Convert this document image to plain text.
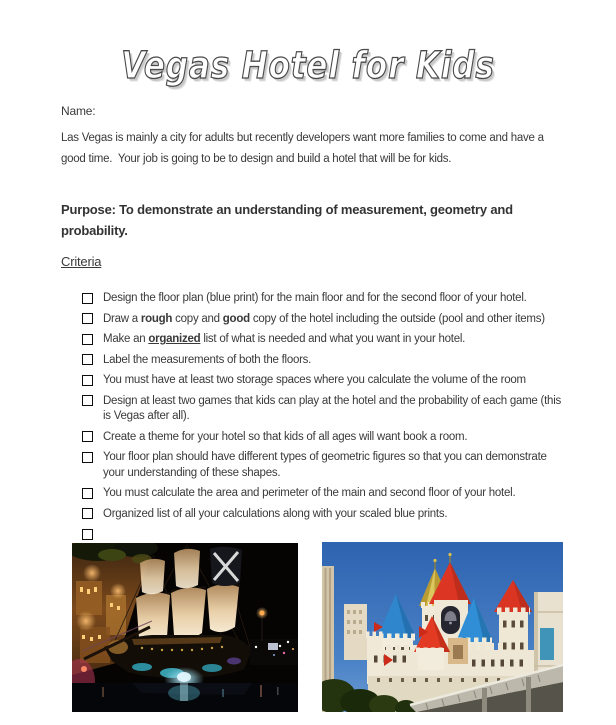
Vegas Hotel for Kids
Name:
Las Vegas is mainly a city for adults but recently developers want more families to come and have a
good time.  Your job is going to be to design and build a hotel that will be for kids.
Purpose: To demonstrate an understanding of measurement, geometry and
probability.
Criteria
Design the floor plan (blue print) for the main floor and for the second floor of your hotel.
Draw a rough copy and good copy of the hotel including the outside (pool and other items)
Make an organized list of what is needed and what you want in your hotel.
Label the measurements of both the floors.
You must have at least two storage spaces where you calculate the volume of the room
Design at least two games that kids can play at the hotel and the probability of each game (this
is Vegas after all).
Create a theme for your hotel so that kids of all ages will want book a room.
Your floor plan should have different types of geometric figures so that you can demonstrate
your understanding of these shapes.
You must calculate the area and perimeter of the main and second floor of your hotel.
Organized list of all your calculations along with your scaled blue prints.
